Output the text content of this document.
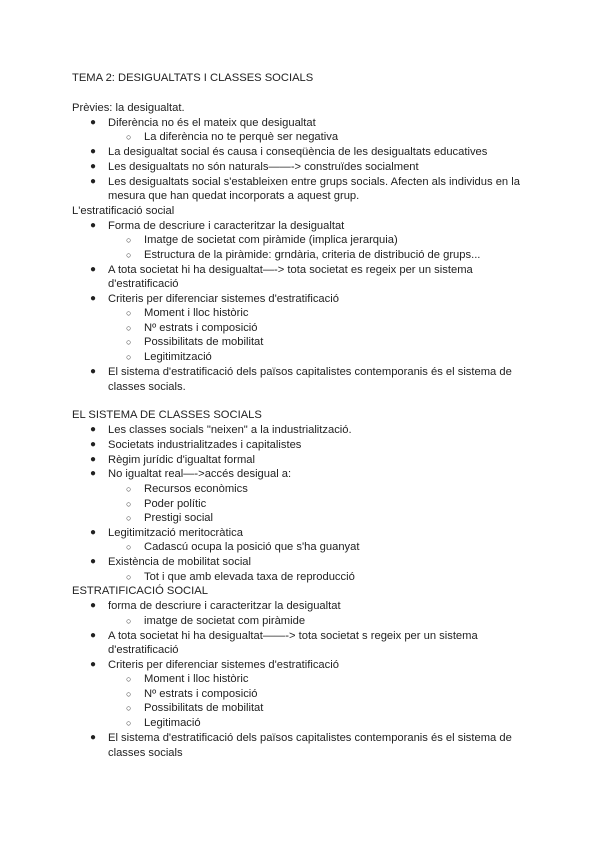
TEMA 2: DESIGUALTATS I CLASSES SOCIALS
Prèvies: la desigualtat.
● Diferència no és el mateix que desigualtat
○ La diferència no te perquè ser negativa
● La desigualtat social és causa i conseqüència de les desigualtats educatives
● Les desigualtats no són naturals——-> construïdes socialment
● Les desigualtats social s'estableixen entre grups socials. Afecten als individus en la
mesura que han quedat incorporats a aquest grup.
L'estratificació social
● Forma de descriure i caracteritzar la desigualtat
○ Imatge de societat com piràmide (implica jerarquia)
○ Estructura de la piràmide: grndària, criteria de distribució de grups...
● A tota societat hi ha desigualtat—-> tota societat es regeix per un sistema
d'estratificació
● Criteris per diferenciar sistemes d'estratificació
○ Moment i lloc històric
○ Nº estrats i composició
○ Possibilitats de mobilitat
○ Legitimització
● El sistema d'estratificació dels països capitalistes contemporanis és el sistema de
classes socials.
EL SISTEMA DE CLASSES SOCIALS
● Les classes socials "neixen" a la industrialització.
● Societats industrialitzades i capitalistes
● Règim jurídic d'igualtat formal
● No igualtat real—->accés desigual a:
○ Recursos econòmics
○ Poder polític
○ Prestigi social
● Legitimització meritocràtica
○ Cadascú ocupa la posició que s'ha guanyat
● Existència de mobilitat social
○ Tot i que amb elevada taxa de reproducció
ESTRATIFICACIÓ SOCIAL
● forma de descriure i caracteritzar la desigualtat
○ imatge de societat com piràmide
● A tota societat hi ha desigualtat——-> tota societat s regeix per un sistema
d'estratificació
● Criteris per diferenciar sistemes d'estratificació
○ Moment i lloc històric
○ Nº estrats i composició
○ Possibilitats de mobilitat
○ Legitimació
● El sistema d'estratificació dels països capitalistes contemporanis és el sistema de
classes socials
